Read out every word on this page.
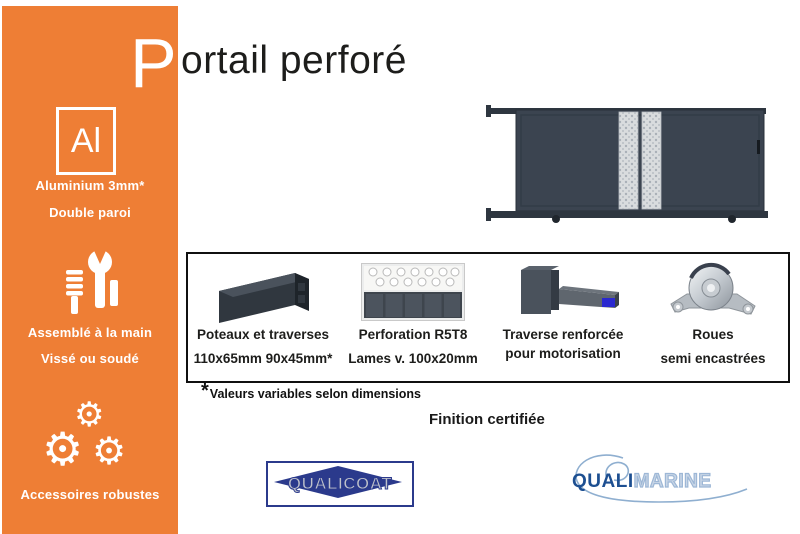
Al
Aluminium 3mm*
Double paroi
Assemblé à la main
Vissé ou soudé
⚙
⚙ ⚙
Accessoires robustes
P ortail perforé
Poteaux et traverses
110x65mm 90x45mm*
Perforation R5T8
Lames v. 100x20mm
Traverse renforcée
pour motorisation
Roues
semi encastrées
* Valeurs variables selon dimensions
Finition certifiée
QUALICOAT	QUALIMARINE
